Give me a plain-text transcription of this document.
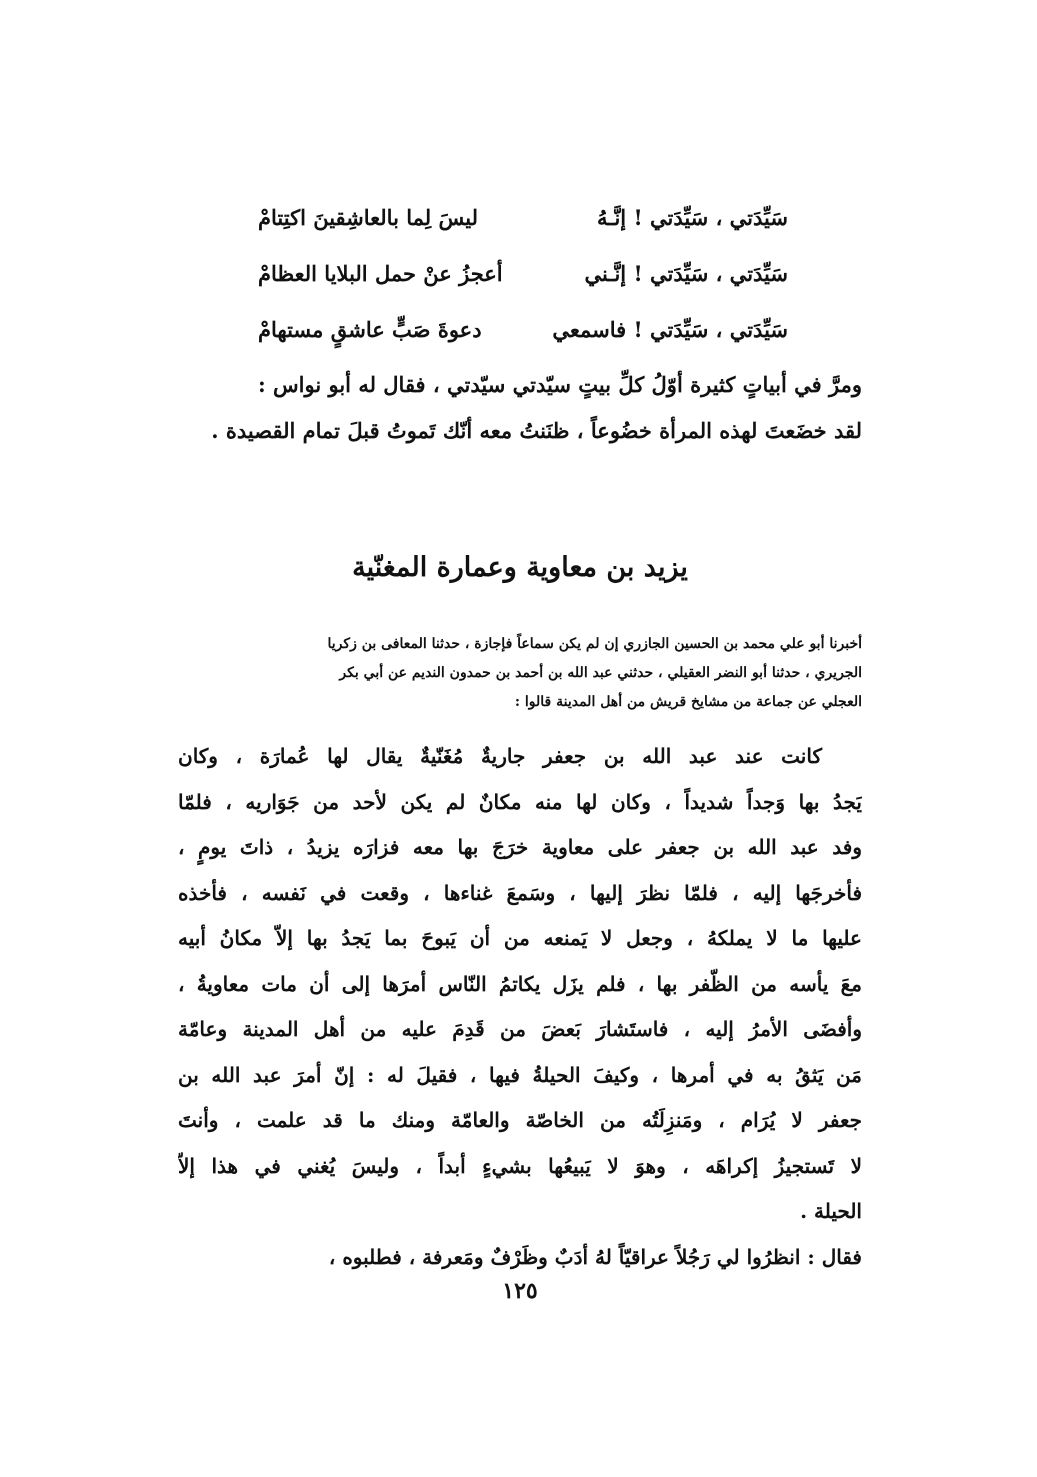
سَيِّدَتي ، سَيِّدَتي ! إنَّـهُ
ليسَ لِما بالعاشِقينَ اكتِتامْ
سَيِّدَتي ، سَيِّدَتي ! إنَّـني
أعجزُ عنْ حمل البلايا العظامْ
سَيِّدَتي ، سَيِّدَتي ! فاسمعي
دعوةَ صَبٍّ عاشقٍ مستهامْ

ومرَّ في أبياتٍ كثيرة أوّلُ كلِّ بيتٍ سيّدتي سيّدتي ، فقال له أبو نواس :

لقد خضَعتَ لهذه المرأة خضُوعاً ، ظنَنتُ معه أنّك تَموتُ قبلَ تمام القصيدة .

يزيد بن معاوية وعمارة المغنّية

أخبرنا أبو علي محمد بن الحسين الجازري إن لم يكن سماعاً فإجازة ، حدثنا المعافى بن زكريا

الجريري ، حدثنا أبو النضر العقيلي ، حدثني عبد الله بن أحمد بن حمدون النديم عن أبي بكر

العجلي عن جماعة من مشايخ قريش من أهل المدينة قالوا :

كانت عند عبد الله بن جعفر جاريةٌ مُغَنّيةٌ يقال لها عُمارَة ، وكان

يَجدُ بها وَجداً شديداً ، وكان لها منه مكانٌ لم يكن لأحد من جَوَاريه ، فلمّا

وفد عبد الله بن جعفر على معاوية خرَجَ بها معه فزارَه يزيدُ ، ذاتَ يومٍ ،

فأخرجَها إليه ، فلمّا نظرَ إليها ، وسَمعَ غناءها ، وقعت في نَفسه ، فأخذه

عليها ما لا يملكهُ ، وجعل لا يَمنعه من أن يَبوحَ بما يَجدُ بها إلاّ مكانُ أبيه

معَ يأسه من الظّفر بها ، فلم يزَل يكاتمُ النّاس أمرَها إلى أن مات معاويةُ ،

وأفضَى الأمرُ إليه ، فاستَشارَ بَعضَ من قَدِمَ عليه من أهل المدينة وعامّة

مَن يَثقُ به في أمرها ، وكيفَ الحيلةُ فيها ، فقيلَ له : إنّ أمرَ عبد الله بن

جعفر لا يُرَام ، ومَنزِلَتُه من الخاصّة والعامّة ومنك ما قد علمت ، وأنتَ

لا تَستجيزُ إكراهَه ، وهوَ لا يَبيعُها بشيءٍ أبداً ، وليسَ يُغني في هذا إلاّ

الحيلة .

فقال : انظرُوا لي رَجُلاً عراقيّاً لهُ أدَبٌ وظَرْفٌ ومَعرفة ، فطلبوه ،

١٢٥
